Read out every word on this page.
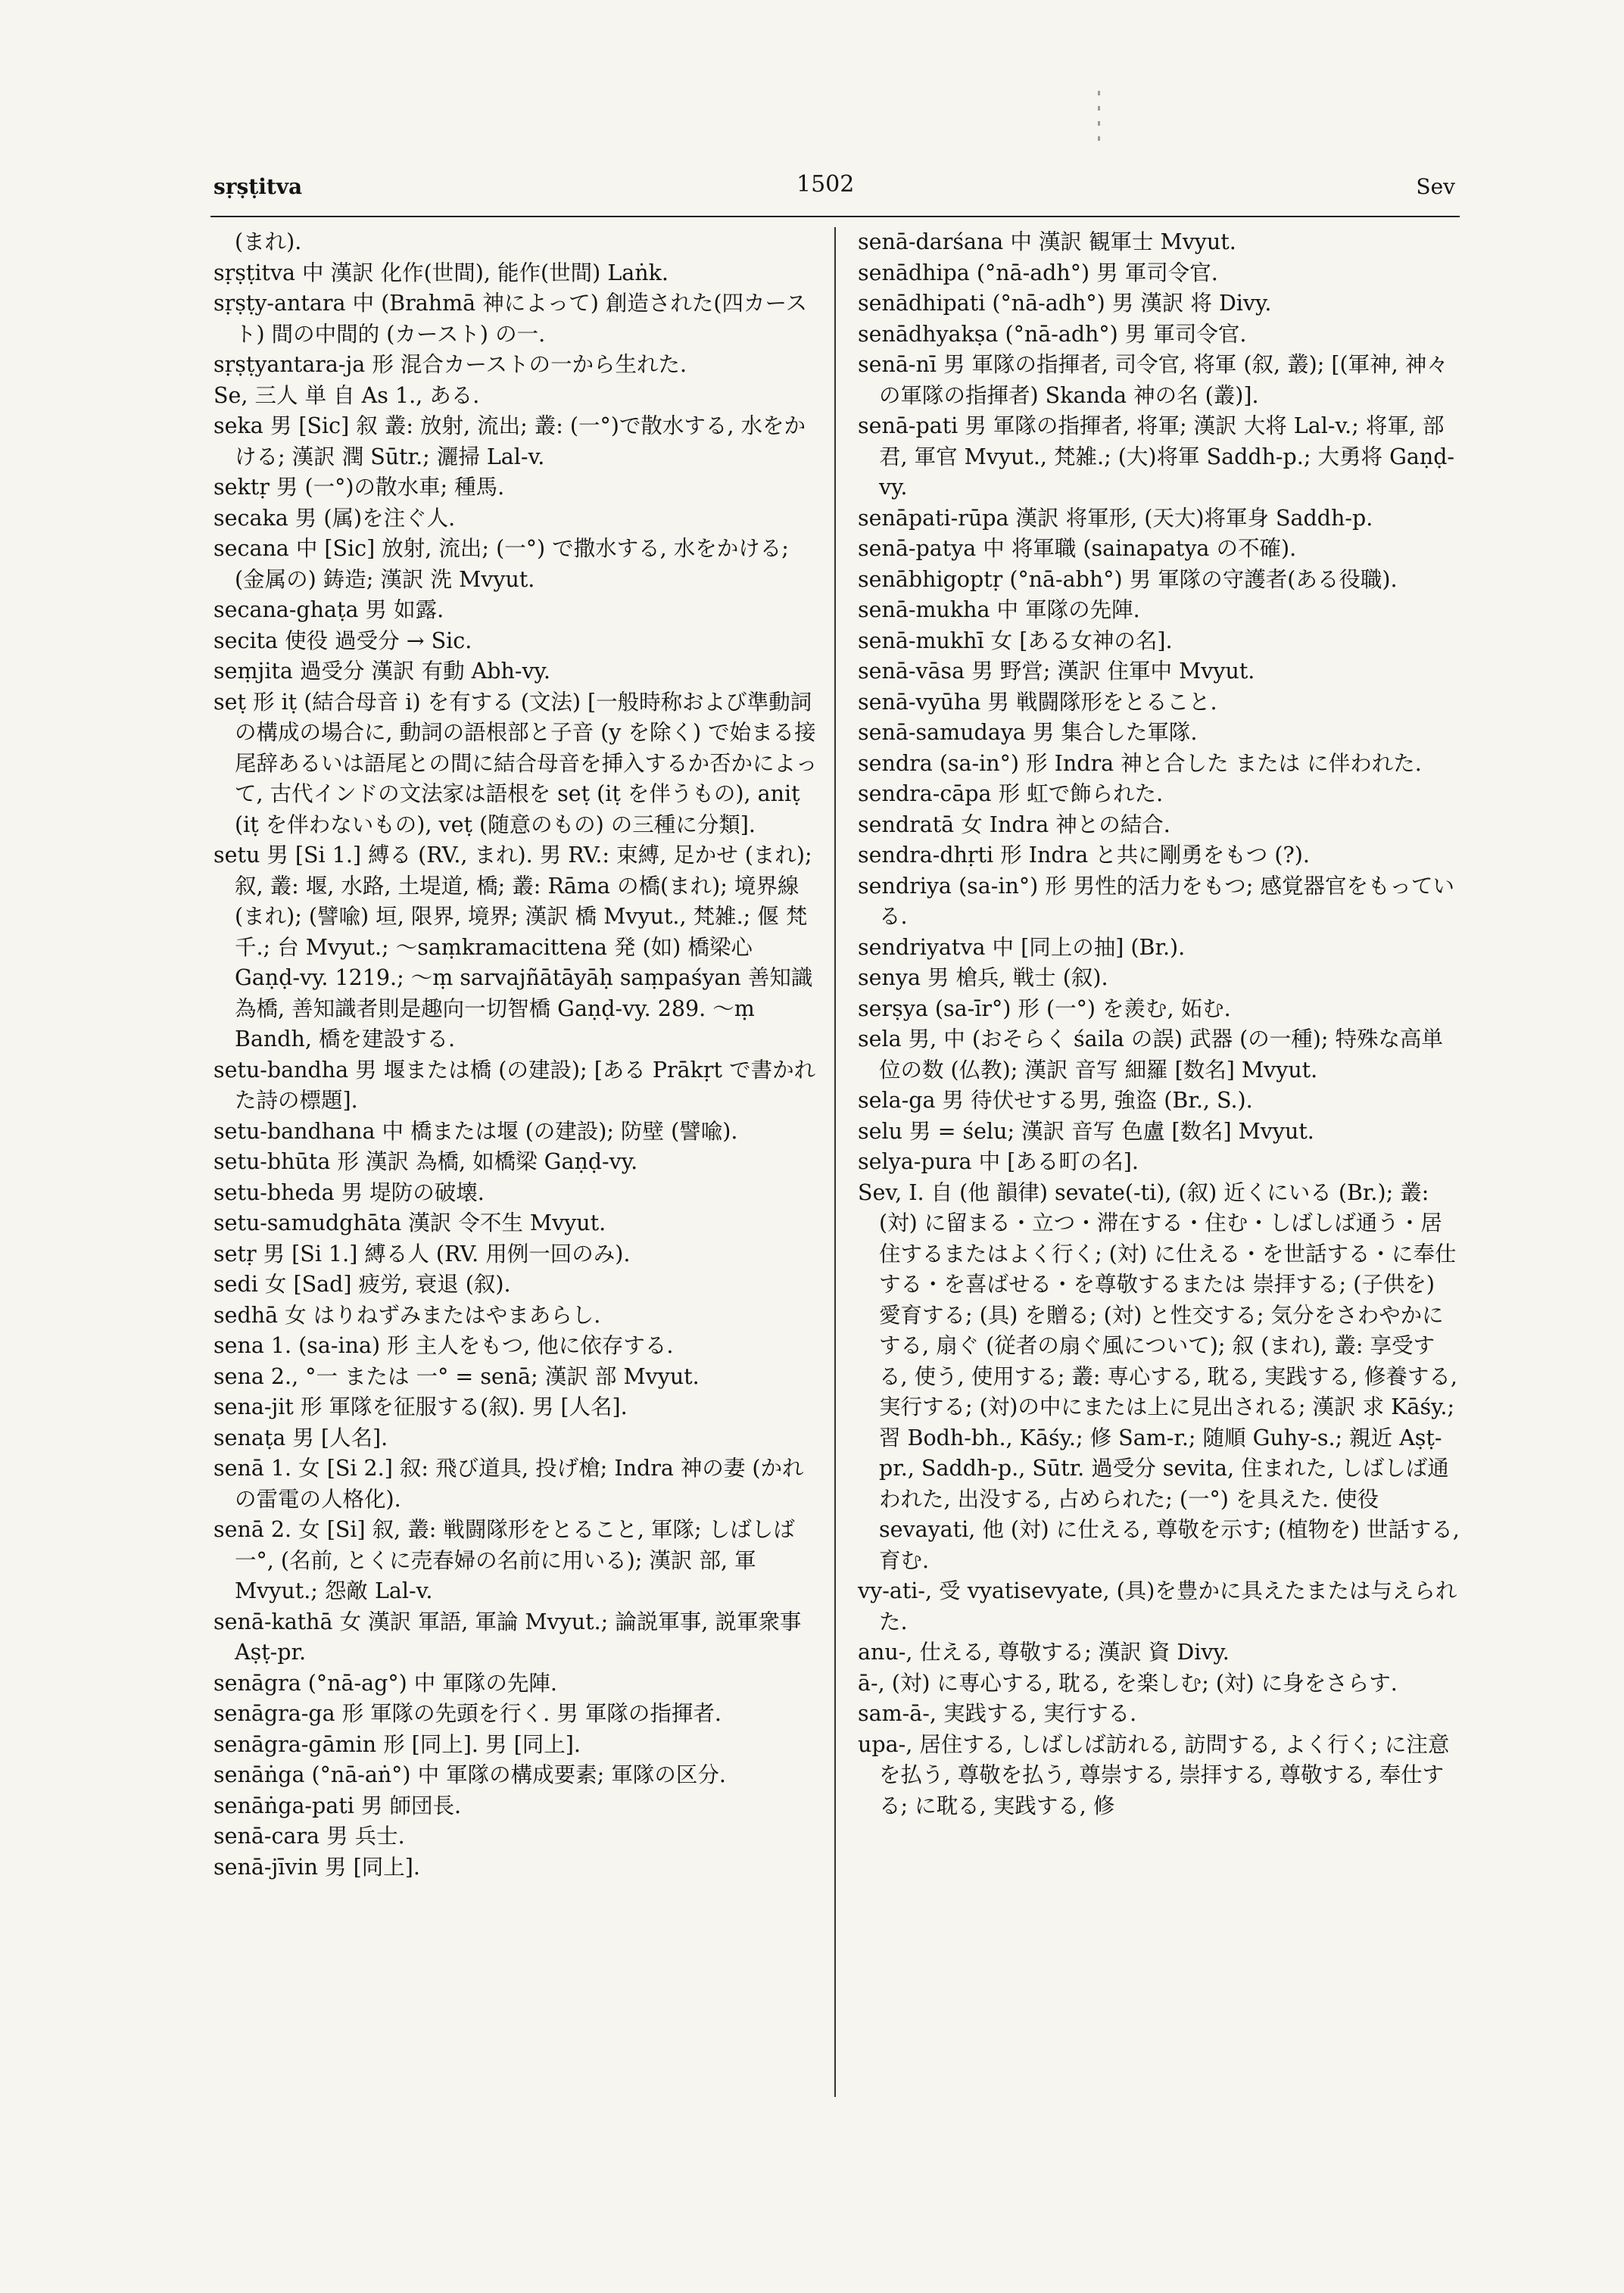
sṛṣṭitva	1502	Sev

(まれ).

sṛṣṭitva 中 漢訳 化作(世間), 能作(世間) Laṅk.

sṛṣṭy-antara 中 (Brahmā 神によって) 創造された(四カースト) 間の中間的 (カースト) の一.

sṛṣṭyantara-ja 形 混合カーストの一から生れた.

Se, 三人 単 自 As 1., ある.

seka 男 [Sic] 叙 叢: 放射, 流出; 叢: (一°)で散水する, 水をかける; 漢訳 潤 Sūtr.; 灑掃 Lal-v.

sektṛ 男 (一°)の散水車; 種馬.

secaka 男 (属)を注ぐ人.

secana 中 [Sic] 放射, 流出; (一°) で撒水する, 水をかける; (金属の) 鋳造; 漢訳 洗 Mvyut.

secana-ghaṭa 男 如露.

secita 使役 過受分 → Sic.

seṃjita 過受分 漢訳 有動 Abh-vy.

seṭ 形 iṭ (結合母音 i) を有する (文法) [一般時称および準動詞の構成の場合に, 動詞の語根部と子音 (y を除く) で始まる接尾辞あるいは語尾との間に結合母音を挿入するか否かによって, 古代インドの文法家は語根を seṭ (iṭ を伴うもの), aniṭ (iṭ を伴わないもの), veṭ (随意のもの) の三種に分類].

setu 男 [Si 1.] 縛る (RV., まれ). 男 RV.: 束縛, 足かせ (まれ); 叙, 叢: 堰, 水路, 土堤道, 橋; 叢: Rāma の橋(まれ); 境界線(まれ); (譬喩) 垣, 限界, 境界; 漢訳 橋 Mvyut., 梵雑.; 偃 梵千.; 台 Mvyut.; ～saṃkramacittena 発 (如) 橋梁心 Gaṇḍ-vy. 1219.; ～ṃ sarvajñātāyāḥ saṃpaśyan 善知識為橋, 善知識者則是趣向一切智橋 Gaṇḍ-vy. 289. ～ṃ Bandh, 橋を建設する.

setu-bandha 男 堰または橋 (の建設); [ある Prākṛt で書かれた詩の標題].

setu-bandhana 中 橋または堰 (の建設); 防壁 (譬喩).

setu-bhūta 形 漢訳 為橋, 如橋梁 Gaṇḍ-vy.

setu-bheda 男 堤防の破壊.

setu-samudghāta 漢訳 令不生 Mvyut.

setṛ 男 [Si 1.] 縛る人 (RV. 用例一回のみ).

sedi 女 [Sad] 疲労, 衰退 (叙).

sedhā 女 はりねずみまたはやまあらし.

sena 1. (sa-ina) 形 主人をもつ, 他に依存する.

sena 2., °一 または 一° = senā; 漢訳 部 Mvyut.

sena-jit 形 軍隊を征服する(叙). 男 [人名].

senaṭa 男 [人名].

senā 1. 女 [Si 2.] 叙: 飛び道具, 投げ槍; Indra 神の妻 (かれの雷電の人格化).

senā 2. 女 [Si] 叙, 叢: 戦闘隊形をとること, 軍隊; しばしば 一°, (名前, とくに売春婦の名前に用いる); 漢訳 部, 軍 Mvyut.; 怨敵 Lal-v.

senā-kathā 女 漢訳 軍語, 軍論 Mvyut.; 論説軍事, 説軍衆事 Aṣṭ-pr.

senāgra (°nā-ag°) 中 軍隊の先陣.

senāgra-ga 形 軍隊の先頭を行く. 男 軍隊の指揮者.

senāgra-gāmin 形 [同上]. 男 [同上].

senāṅga (°nā-aṅ°) 中 軍隊の構成要素; 軍隊の区分.

senāṅga-pati 男 師団長.

senā-cara 男 兵士.

senā-jīvin 男 [同上].

senā-darśana 中 漢訳 観軍士 Mvyut.

senādhipa (°nā-adh°) 男 軍司令官.

senādhipati (°nā-adh°) 男 漢訳 将 Divy.

senādhyakṣa (°nā-adh°) 男 軍司令官.

senā-nī 男 軍隊の指揮者, 司令官, 将軍 (叙, 叢); [(軍神, 神々の軍隊の指揮者) Skanda 神の名 (叢)].

senā-pati 男 軍隊の指揮者, 将軍; 漢訳 大将 Lal-v.; 将軍, 部君, 軍官 Mvyut., 梵雑.; (大)将軍 Saddh-p.; 大勇将 Gaṇḍ-vy.

senāpati-rūpa 漢訳 将軍形, (天大)将軍身 Saddh-p.

senā-patya 中 将軍職 (sainapatya の不確).

senābhigoptṛ (°nā-abh°) 男 軍隊の守護者(ある役職).

senā-mukha 中 軍隊の先陣.

senā-mukhī 女 [ある女神の名].

senā-vāsa 男 野営; 漢訳 住軍中 Mvyut.

senā-vyūha 男 戦闘隊形をとること.

senā-samudaya 男 集合した軍隊.

sendra (sa-in°) 形 Indra 神と合した または に伴われた.

sendra-cāpa 形 虹で飾られた.

sendratā 女 Indra 神との結合.

sendra-dhṛti 形 Indra と共に剛勇をもつ (?).

sendriya (sa-in°) 形 男性的活力をもつ; 感覚器官をもっている.

sendriyatva 中 [同上の抽] (Br.).

senya 男 槍兵, 戦士 (叙).

serṣya (sa-īr°) 形 (一°) を羨む, 妬む.

sela 男, 中 (おそらく śaila の誤) 武器 (の一種); 特殊な高単位の数 (仏教); 漢訳 音写 細羅 [数名] Mvyut.

sela-ga 男 待伏せする男, 強盗 (Br., S.).

selu 男 = śelu; 漢訳 音写 色盧 [数名] Mvyut.

selya-pura 中 [ある町の名].

Sev, I. 自 (他 韻律) sevate(-ti), (叙) 近くにいる (Br.); 叢: (対) に留まる・立つ・滞在する・住む・しばしば通う・居住するまたはよく行く; (対) に仕える・を世話する・に奉仕する・を喜ばせる・を尊敬するまたは 崇拝する; (子供を) 愛育する; (具) を贈る; (対) と性交する; 気分をさわやかにする, 扇ぐ (従者の扇ぐ風について); 叙 (まれ), 叢: 享受する, 使う, 使用する; 叢: 専心する, 耽る, 実践する, 修養する, 実行する; (対)の中にまたは上に見出される; 漢訳 求 Kāśy.; 習 Bodh-bh., Kāśy.; 修 Sam-r.; 随順 Guhy-s.; 親近 Aṣṭ-pr., Saddh-p., Sūtr. 過受分 sevita, 住まれた, しばしば通われた, 出没する, 占められた; (一°) を具えた. 使役 sevayati, 他 (対) に仕える, 尊敬を示す; (植物を) 世話する, 育む.

vy-ati-, 受 vyatisevyate, (具)を豊かに具えたまたは与えられた.

anu-, 仕える, 尊敬する; 漢訳 資 Divy.

ā-, (対) に専心する, 耽る, を楽しむ; (対) に身をさらす.

sam-ā-, 実践する, 実行する.

upa-, 居住する, しばしば訪れる, 訪問する, よく行く; に注意を払う, 尊敬を払う, 尊崇する, 崇拝する, 尊敬する, 奉仕する; に耽る, 実践する, 修
